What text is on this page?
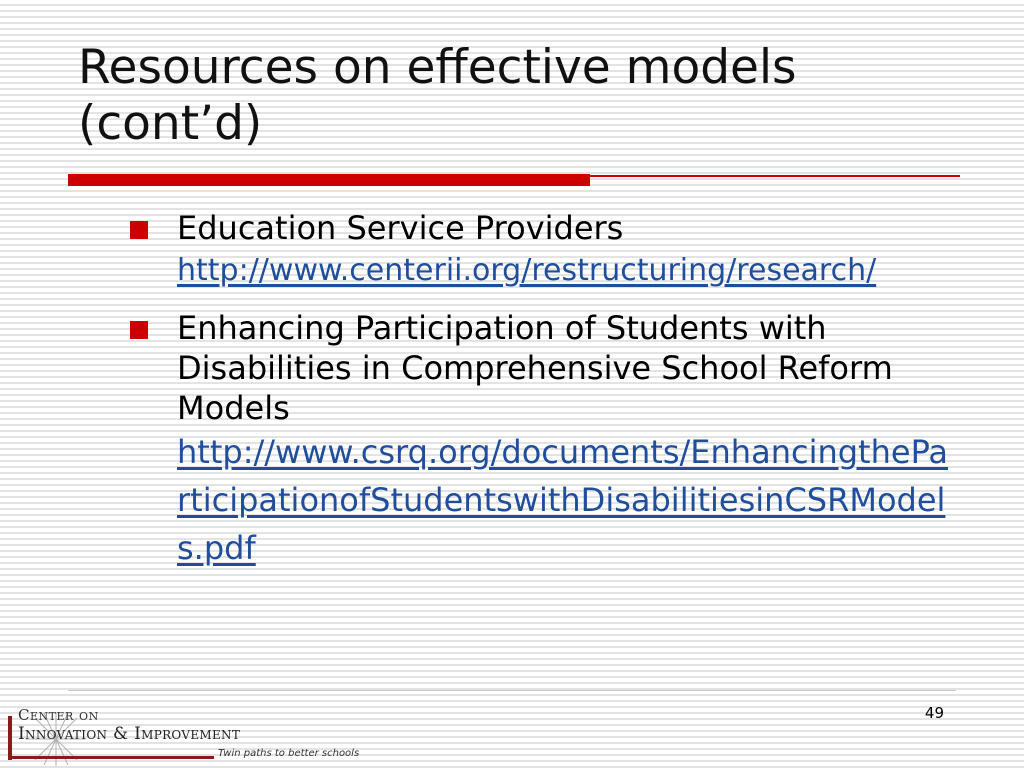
Resources on effective models (cont’d)
Education Service Providers
http://www.centerii.org/restructuring/research/
Enhancing Participation of Students with Disabilities in Comprehensive School Reform Models
http://www.csrq.org/documents/EnhancingtheParticipationofStudentswithDisabilitiesinCSRModels.pdf
Center on
Innovation & Improvement
Twin paths to better schools
49
